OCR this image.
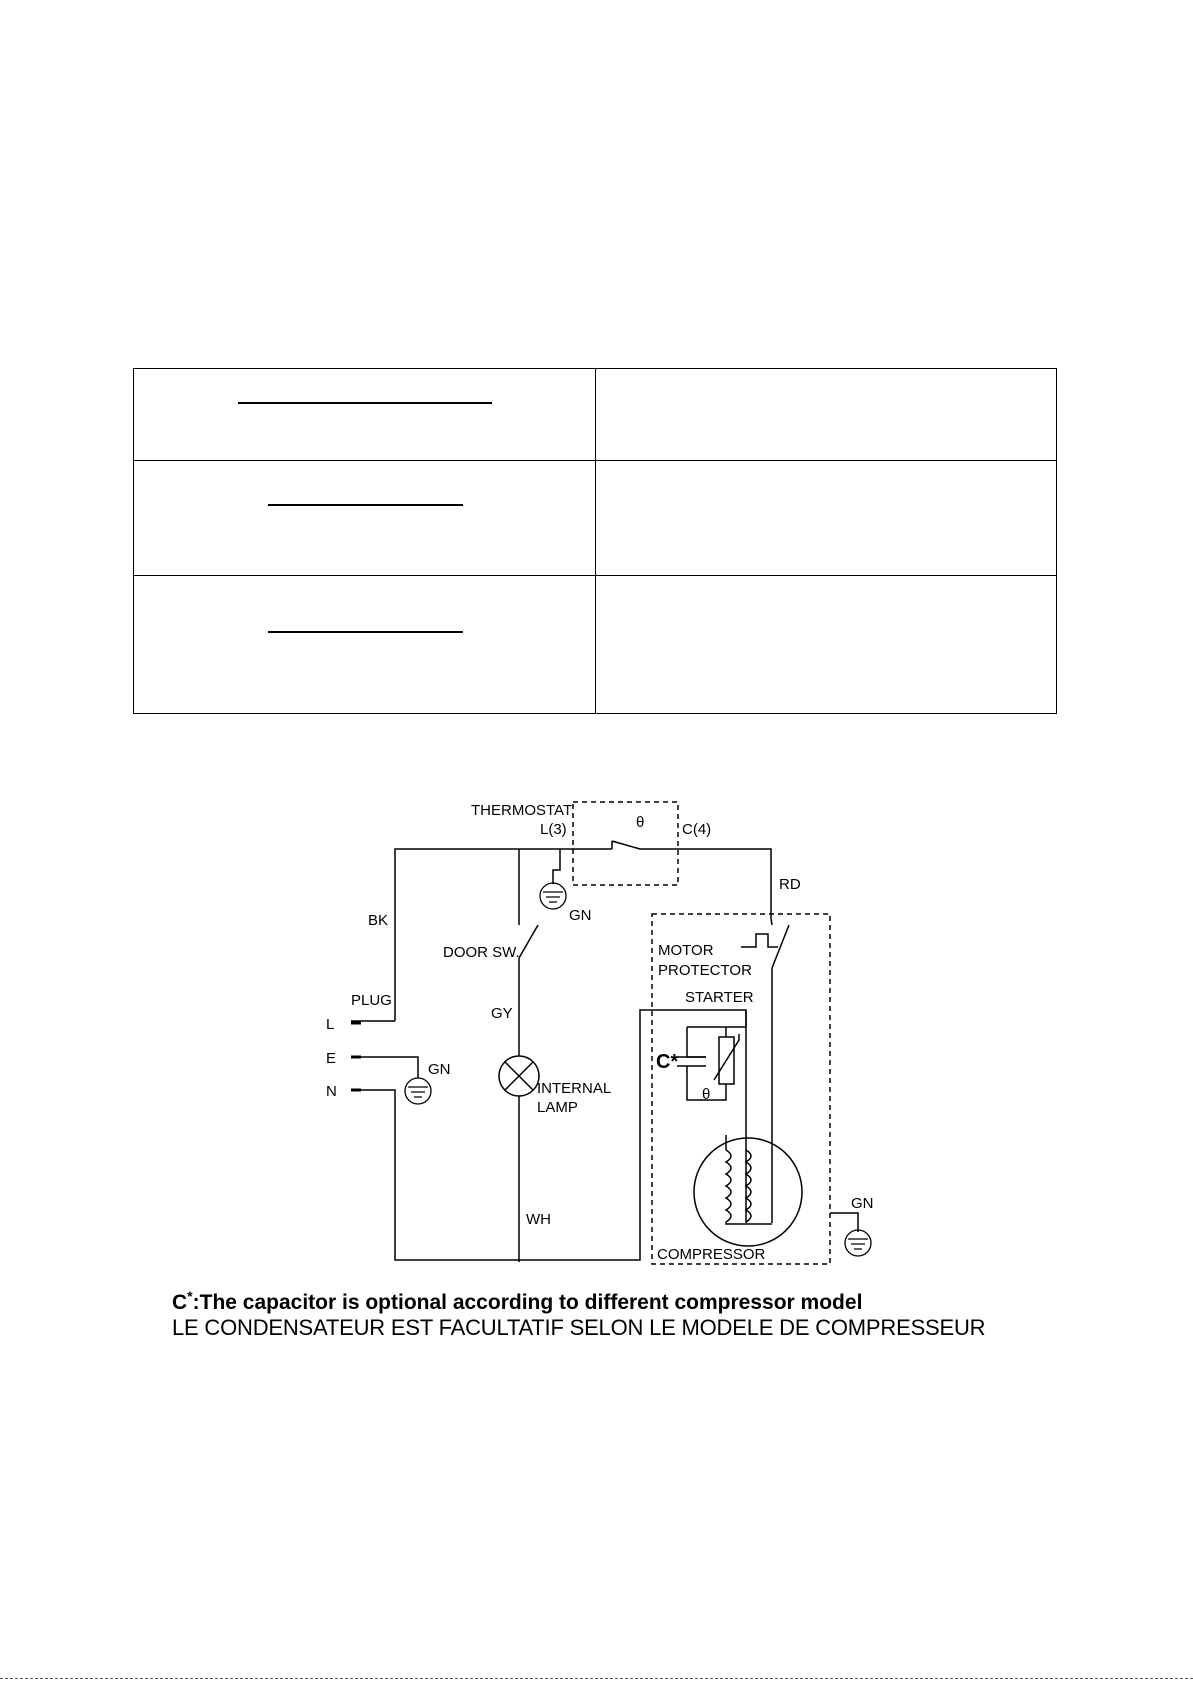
THERMOSTAT
L(3)	C(4)
θ
RD
BK	GN
DOOR SW.	MOTOR
PROTECTOR
STARTER
PLUG
GY
L
E
N
GN	C*
θ
INTERNAL
LAMP
WH
GN
COMPRESSOR
C*:The capacitor is optional according to different compressor model
LE CONDENSATEUR EST FACULTATIF SELON LE MODELE DE COMPRESSEUR
